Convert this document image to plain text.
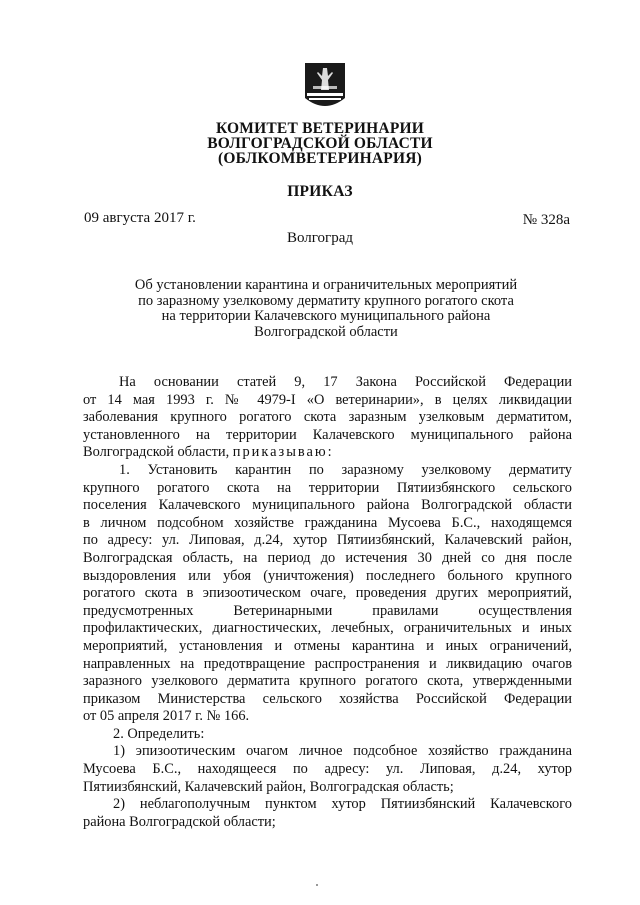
КОМИТЕТ ВЕТЕРИНАРИИ
ВОЛГОГРАДСКОЙ ОБЛАСТИ
(ОБЛКОМВЕТЕРИНАРИЯ)
ПРИКАЗ
09 августа 2017 г.	№ 328а
Волгоград
Об установлении карантина и ограничительных мероприятий
по заразному узелковому дерматиту крупного рогатого скота
на территории Калачевского муниципального района
Волгоградской области
На основании статей 9, 17 Закона Российской Федерации
от 14 мая 1993 г. № 4979-I «О ветеринарии», в целях ликвидации
заболевания крупного рогатого скота заразным узелковым дерматитом,
установленного на территории Калачевского муниципального района
Волгоградской области, приказываю:
1. Установить карантин по заразному узелковому дерматиту
крупного рогатого скота на территории Пятиизбянского сельского
поселения Калачевского муниципального района Волгоградской области
в личном подсобном хозяйстве гражданина Мусоева Б.С., находящемся
по адресу: ул. Липовая, д.24, хутор Пятиизбянский, Калачевский район,
Волгоградская область, на период до истечения 30 дней со дня после
выздоровления или убоя (уничтожения) последнего больного крупного
рогатого скота в эпизоотическом очаге, проведения других мероприятий,
предусмотренных Ветеринарными правилами осуществления
профилактических, диагностических, лечебных, ограничительных и иных
мероприятий, установления и отмены карантина и иных ограничений,
направленных на предотвращение распространения и ликвидацию очагов
заразного узелкового дерматита крупного рогатого скота, утвержденными
приказом Министерства сельского хозяйства Российской Федерации
от 05 апреля 2017 г. № 166.
2. Определить:
1) эпизоотическим очагом личное подсобное хозяйство гражданина
Мусоева Б.С., находящееся по адресу: ул. Липовая, д.24, хутор
Пятиизбянский, Калачевский район, Волгоградская область;
2) неблагополучным пунктом хутор Пятиизбянский Калачевского
района Волгоградской области;
